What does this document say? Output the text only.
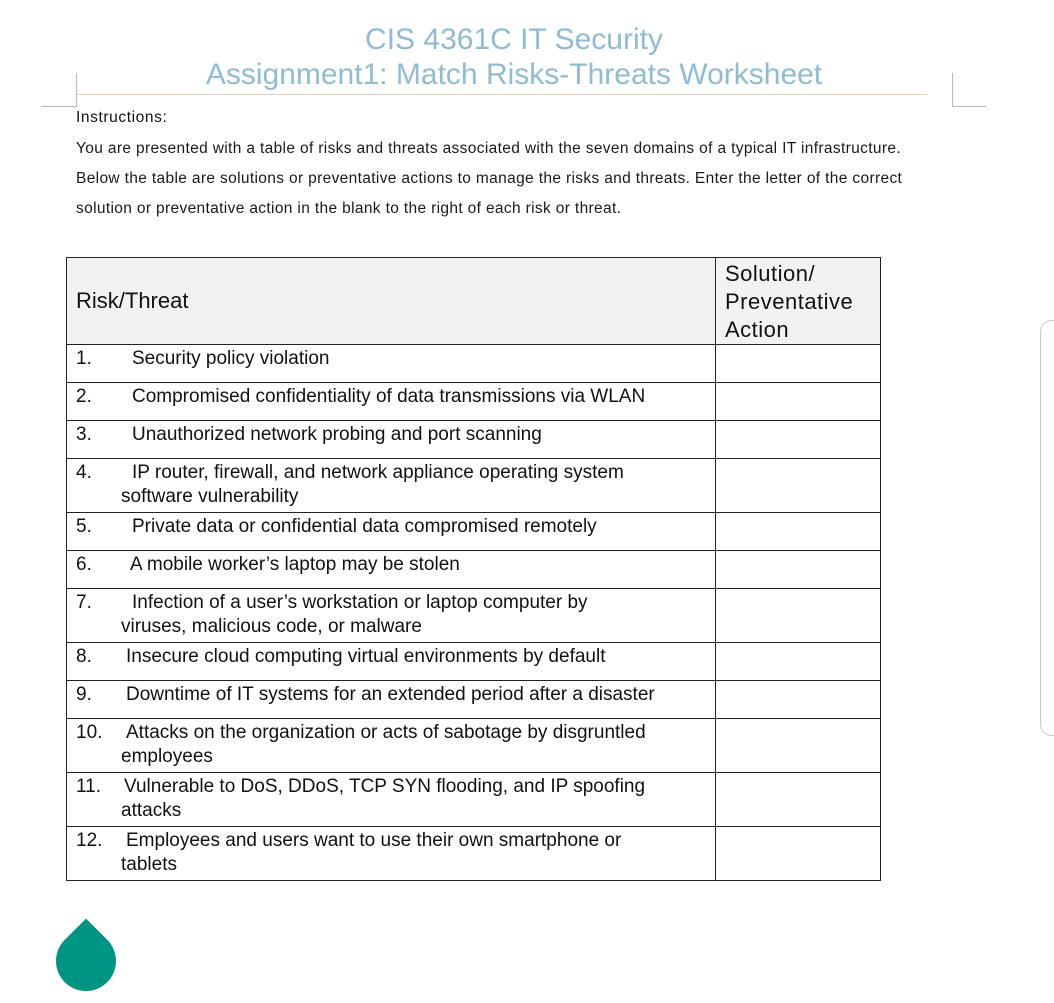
CIS 4361C IT Security
Assignment1: Match Risks-Threats Worksheet
Instructions:
You are presented with a table of risks and threats associated with the seven domains of a typical IT infrastructure. Below the table are solutions or preventative actions to manage the risks and threats. Enter the letter of the correct solution or preventative action in the blank to the right of each risk or threat.
Risk/Threat	Solution/ Preventative Action

1. Security policy violation	

2. Compromised confidentiality of data transmissions via WLAN	

3. Unauthorized network probing and port scanning	

4. IP router, firewall, and network appliance operating system
software vulnerability	

5. Private data or confidential data compromised remotely	

6. A mobile worker’s laptop may be stolen	

7. Infection of a user’s workstation or laptop computer by
viruses, malicious code, or malware	

8. Insecure cloud computing virtual environments by default	

9. Downtime of IT systems for an extended period after a disaster	

10. Attacks on the organization or acts of sabotage by disgruntled
employees	

11. Vulnerable to DoS, DDoS, TCP SYN flooding, and IP spoofing
attacks	

12. Employees and users want to use their own smartphone or
tablets	
